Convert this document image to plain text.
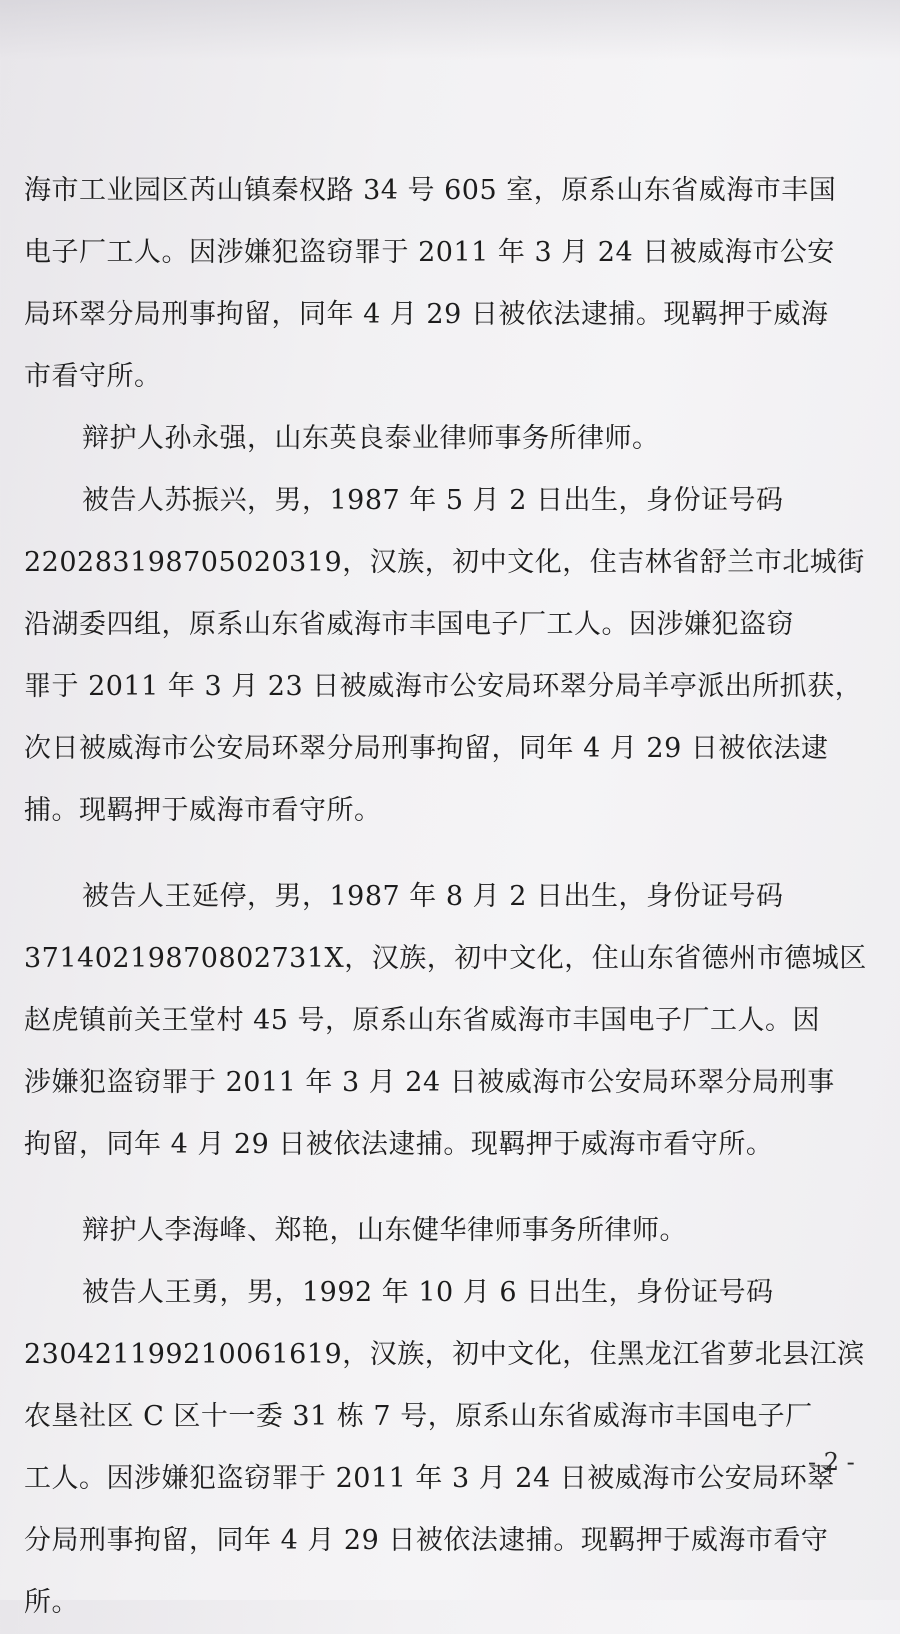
海市工业园区芮山镇秦权路 34 号 605 室，原系山东省威海市丰国
电子厂工人。因涉嫌犯盗窃罪于 2011 年 3 月 24 日被威海市公安
局环翠分局刑事拘留，同年 4 月 29 日被依法逮捕。现羁押于威海
市看守所。
辩护人孙永强，山东英良泰业律师事务所律师。
被告人苏振兴，男，1987 年 5 月 2 日出生，身份证号码
220283198705020319，汉族，初中文化，住吉林省舒兰市北城街
沿湖委四组，原系山东省威海市丰国电子厂工人。因涉嫌犯盗窃
罪于 2011 年 3 月 23 日被威海市公安局环翠分局羊亭派出所抓获，
次日被威海市公安局环翠分局刑事拘留，同年 4 月 29 日被依法逮
捕。现羁押于威海市看守所。
被告人王延停，男，1987 年 8 月 2 日出生，身份证号码
37140219870802731X，汉族，初中文化，住山东省德州市德城区
赵虎镇前关王堂村 45 号，原系山东省威海市丰国电子厂工人。因
涉嫌犯盗窃罪于 2011 年 3 月 24 日被威海市公安局环翠分局刑事
拘留，同年 4 月 29 日被依法逮捕。现羁押于威海市看守所。
辩护人李海峰、郑艳，山东健华律师事务所律师。
被告人王勇，男，1992 年 10 月 6 日出生，身份证号码
230421199210061619，汉族，初中文化，住黑龙江省萝北县江滨
农垦社区 C 区十一委 31 栋 7 号，原系山东省威海市丰国电子厂
工人。因涉嫌犯盗窃罪于 2011 年 3 月 24 日被威海市公安局环翠
分局刑事拘留，同年 4 月 29 日被依法逮捕。现羁押于威海市看守
所。
- 2 -
